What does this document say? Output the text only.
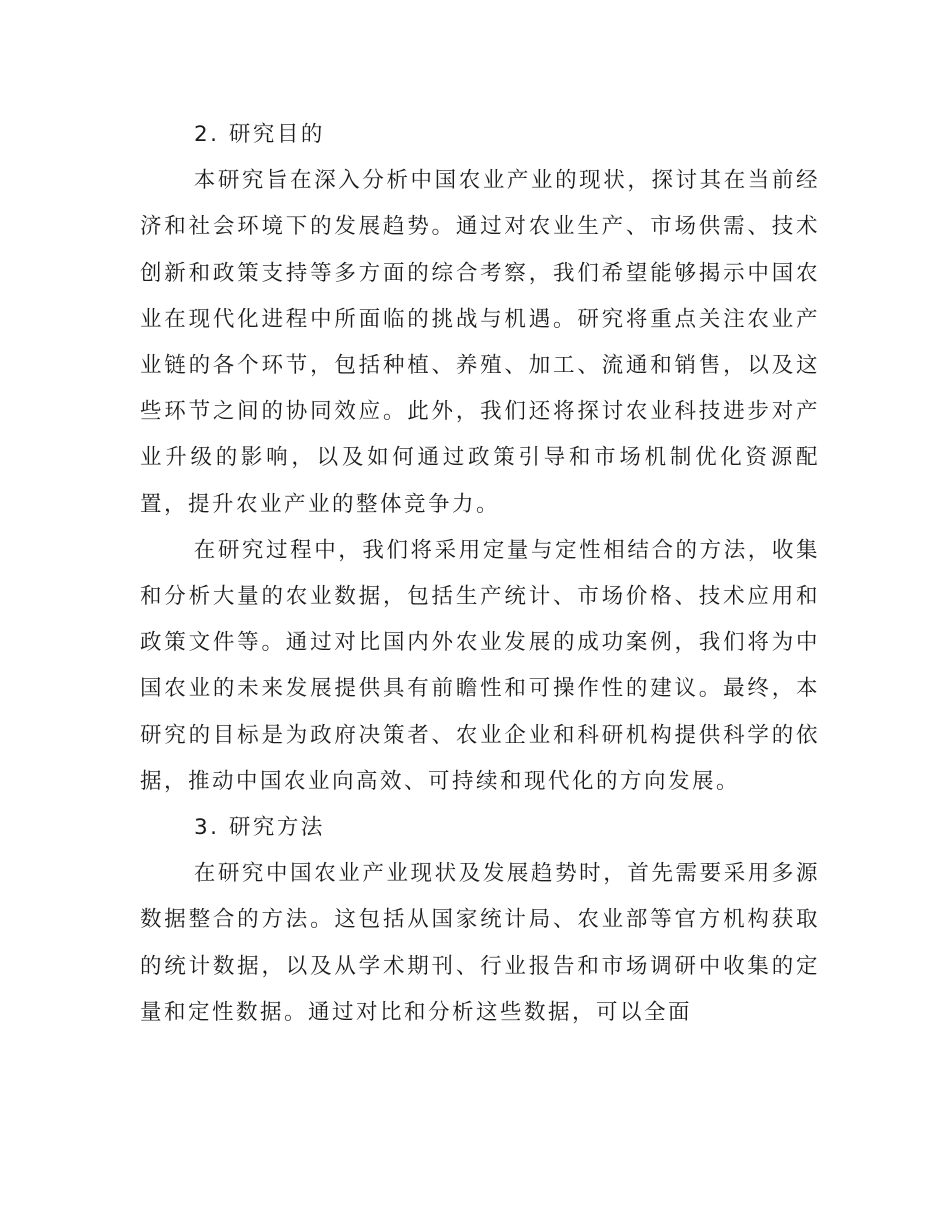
2. 研究目的

本研究旨在深入分析中国农业产业的现状，探讨其在当前经济和社会环境下的发展趋势。通过对农业生产、市场供需、技术创新和政策支持等多方面的综合考察，我们希望能够揭示中国农业在现代化进程中所面临的挑战与机遇。研究将重点关注农业产业链的各个环节，包括种植、养殖、加工、流通和销售，以及这些环节之间的协同效应。此外，我们还将探讨农业科技进步对产业升级的影响，以及如何通过政策引导和市场机制优化资源配置，提升农业产业的整体竞争力。

在研究过程中，我们将采用定量与定性相结合的方法，收集和分析大量的农业数据，包括生产统计、市场价格、技术应用和政策文件等。通过对比国内外农业发展的成功案例，我们将为中国农业的未来发展提供具有前瞻性和可操作性的建议。最终，本研究的目标是为政府决策者、农业企业和科研机构提供科学的依据，推动中国农业向高效、可持续和现代化的方向发展。

3. 研究方法

在研究中国农业产业现状及发展趋势时，首先需要采用多源数据整合的方法。这包括从国家统计局、农业部等官方机构获取的统计数据，以及从学术期刊、行业报告和市场调研中收集的定量和定性数据。通过对比和分析这些数据，可以全面
